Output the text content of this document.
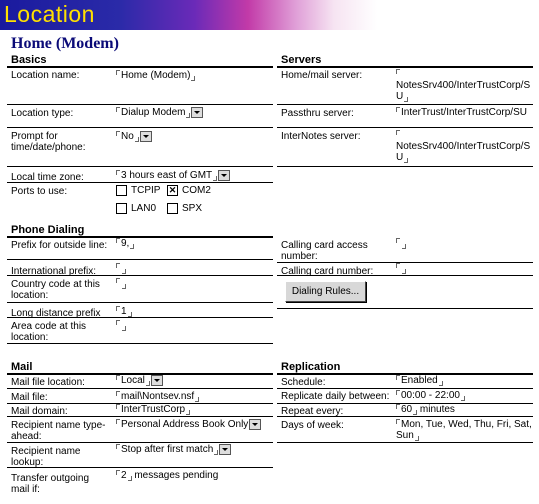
Location
Home (Modem)
Basics
Location name:	Home (Modem)
Location type:	Dialup Modem
Prompt for time/date/phone:
No
Local time zone:	3 hours east of GMT
Ports to use:	TCPIP ✕ COM2
LAN0	SPX
Servers
Home/mail server:

NotesSrv400/InterTrustCorp/SU
Passthru server:	InterTrust/InterTrustCorp/SU
InterNotes server:

NotesSrv400/InterTrustCorp/SU
Phone Dialing
Prefix for outside line:	9,
International prefix:
Country code at this location:
Long distance prefix	1
Area code at this location:
Calling card access number:
Calling card number:
Dialing Rules...
Mail
Mail file location:	Local
Mail file:	mail\Nontsev.nsf
Mail domain:	InterTrustCorp
Recipient name type-ahead:
Personal Address Book Only
Recipient name lookup:
Stop after first match
Transfer outgoing mail if:
2 messages pending
Replication
Schedule:	Enabled
Replicate daily between:	00:00 - 22:00
Repeat every:	60 minutes
Days of week:	Mon, Tue, Wed, Thu, Fri, Sat, Sun
